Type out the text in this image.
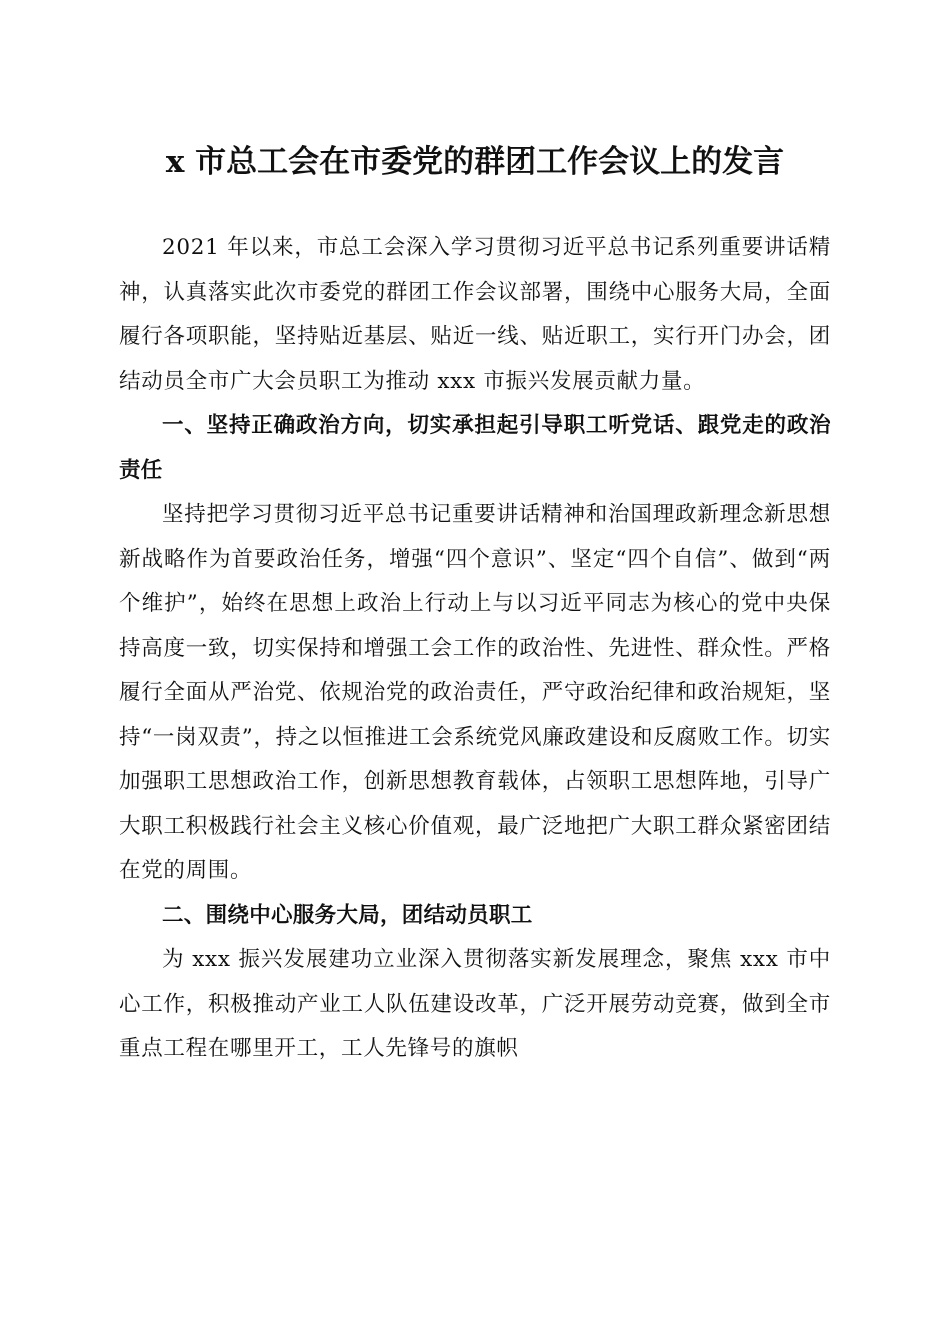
x 市总工会在市委党的群团工作会议上的发言

2021 年以来，市总工会深入学习贯彻习近平总书记系列重要讲话精神，认真落实此次市委党的群团工作会议部署，围绕中心服务大局，全面履行各项职能，坚持贴近基层、贴近一线、贴近职工，实行开门办会，团结动员全市广大会员职工为推动 xxx 市振兴发展贡献力量。

一、坚持正确政治方向，切实承担起引导职工听党话、跟党走的政治责任

坚持把学习贯彻习近平总书记重要讲话精神和治国理政新理念新思想新战略作为首要政治任务，增强“四个意识”、坚定“四个自信”、做到“两个维护”，始终在思想上政治上行动上与以习近平同志为核心的党中央保持高度一致，切实保持和增强工会工作的政治性、先进性、群众性。严格履行全面从严治党、依规治党的政治责任，严守政治纪律和政治规矩，坚持“一岗双责”，持之以恒推进工会系统党风廉政建设和反腐败工作。切实加强职工思想政治工作，创新思想教育载体，占领职工思想阵地，引导广大职工积极践行社会主义核心价值观，最广泛地把广大职工群众紧密团结在党的周围。

二、围绕中心服务大局，团结动员职工

为 xxx 振兴发展建功立业深入贯彻落实新发展理念，聚焦 xxx 市中心工作，积极推动产业工人队伍建设改革，广泛开展劳动竞赛，做到全市重点工程在哪里开工，工人先锋号的旗帜
